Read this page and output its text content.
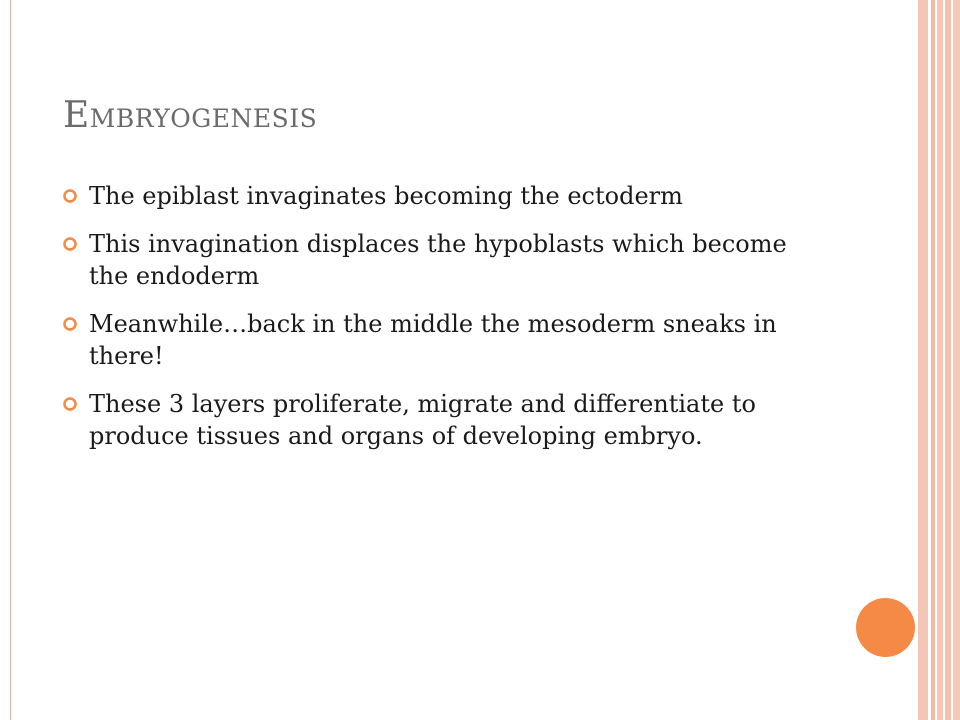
Embryogenesis
The epiblast invaginates becoming the ectoderm
This invagination displaces the hypoblasts which become the endoderm
Meanwhile…back in the middle the mesoderm sneaks in there!
These 3 layers proliferate, migrate and differentiate to produce tissues and organs of developing embryo.
